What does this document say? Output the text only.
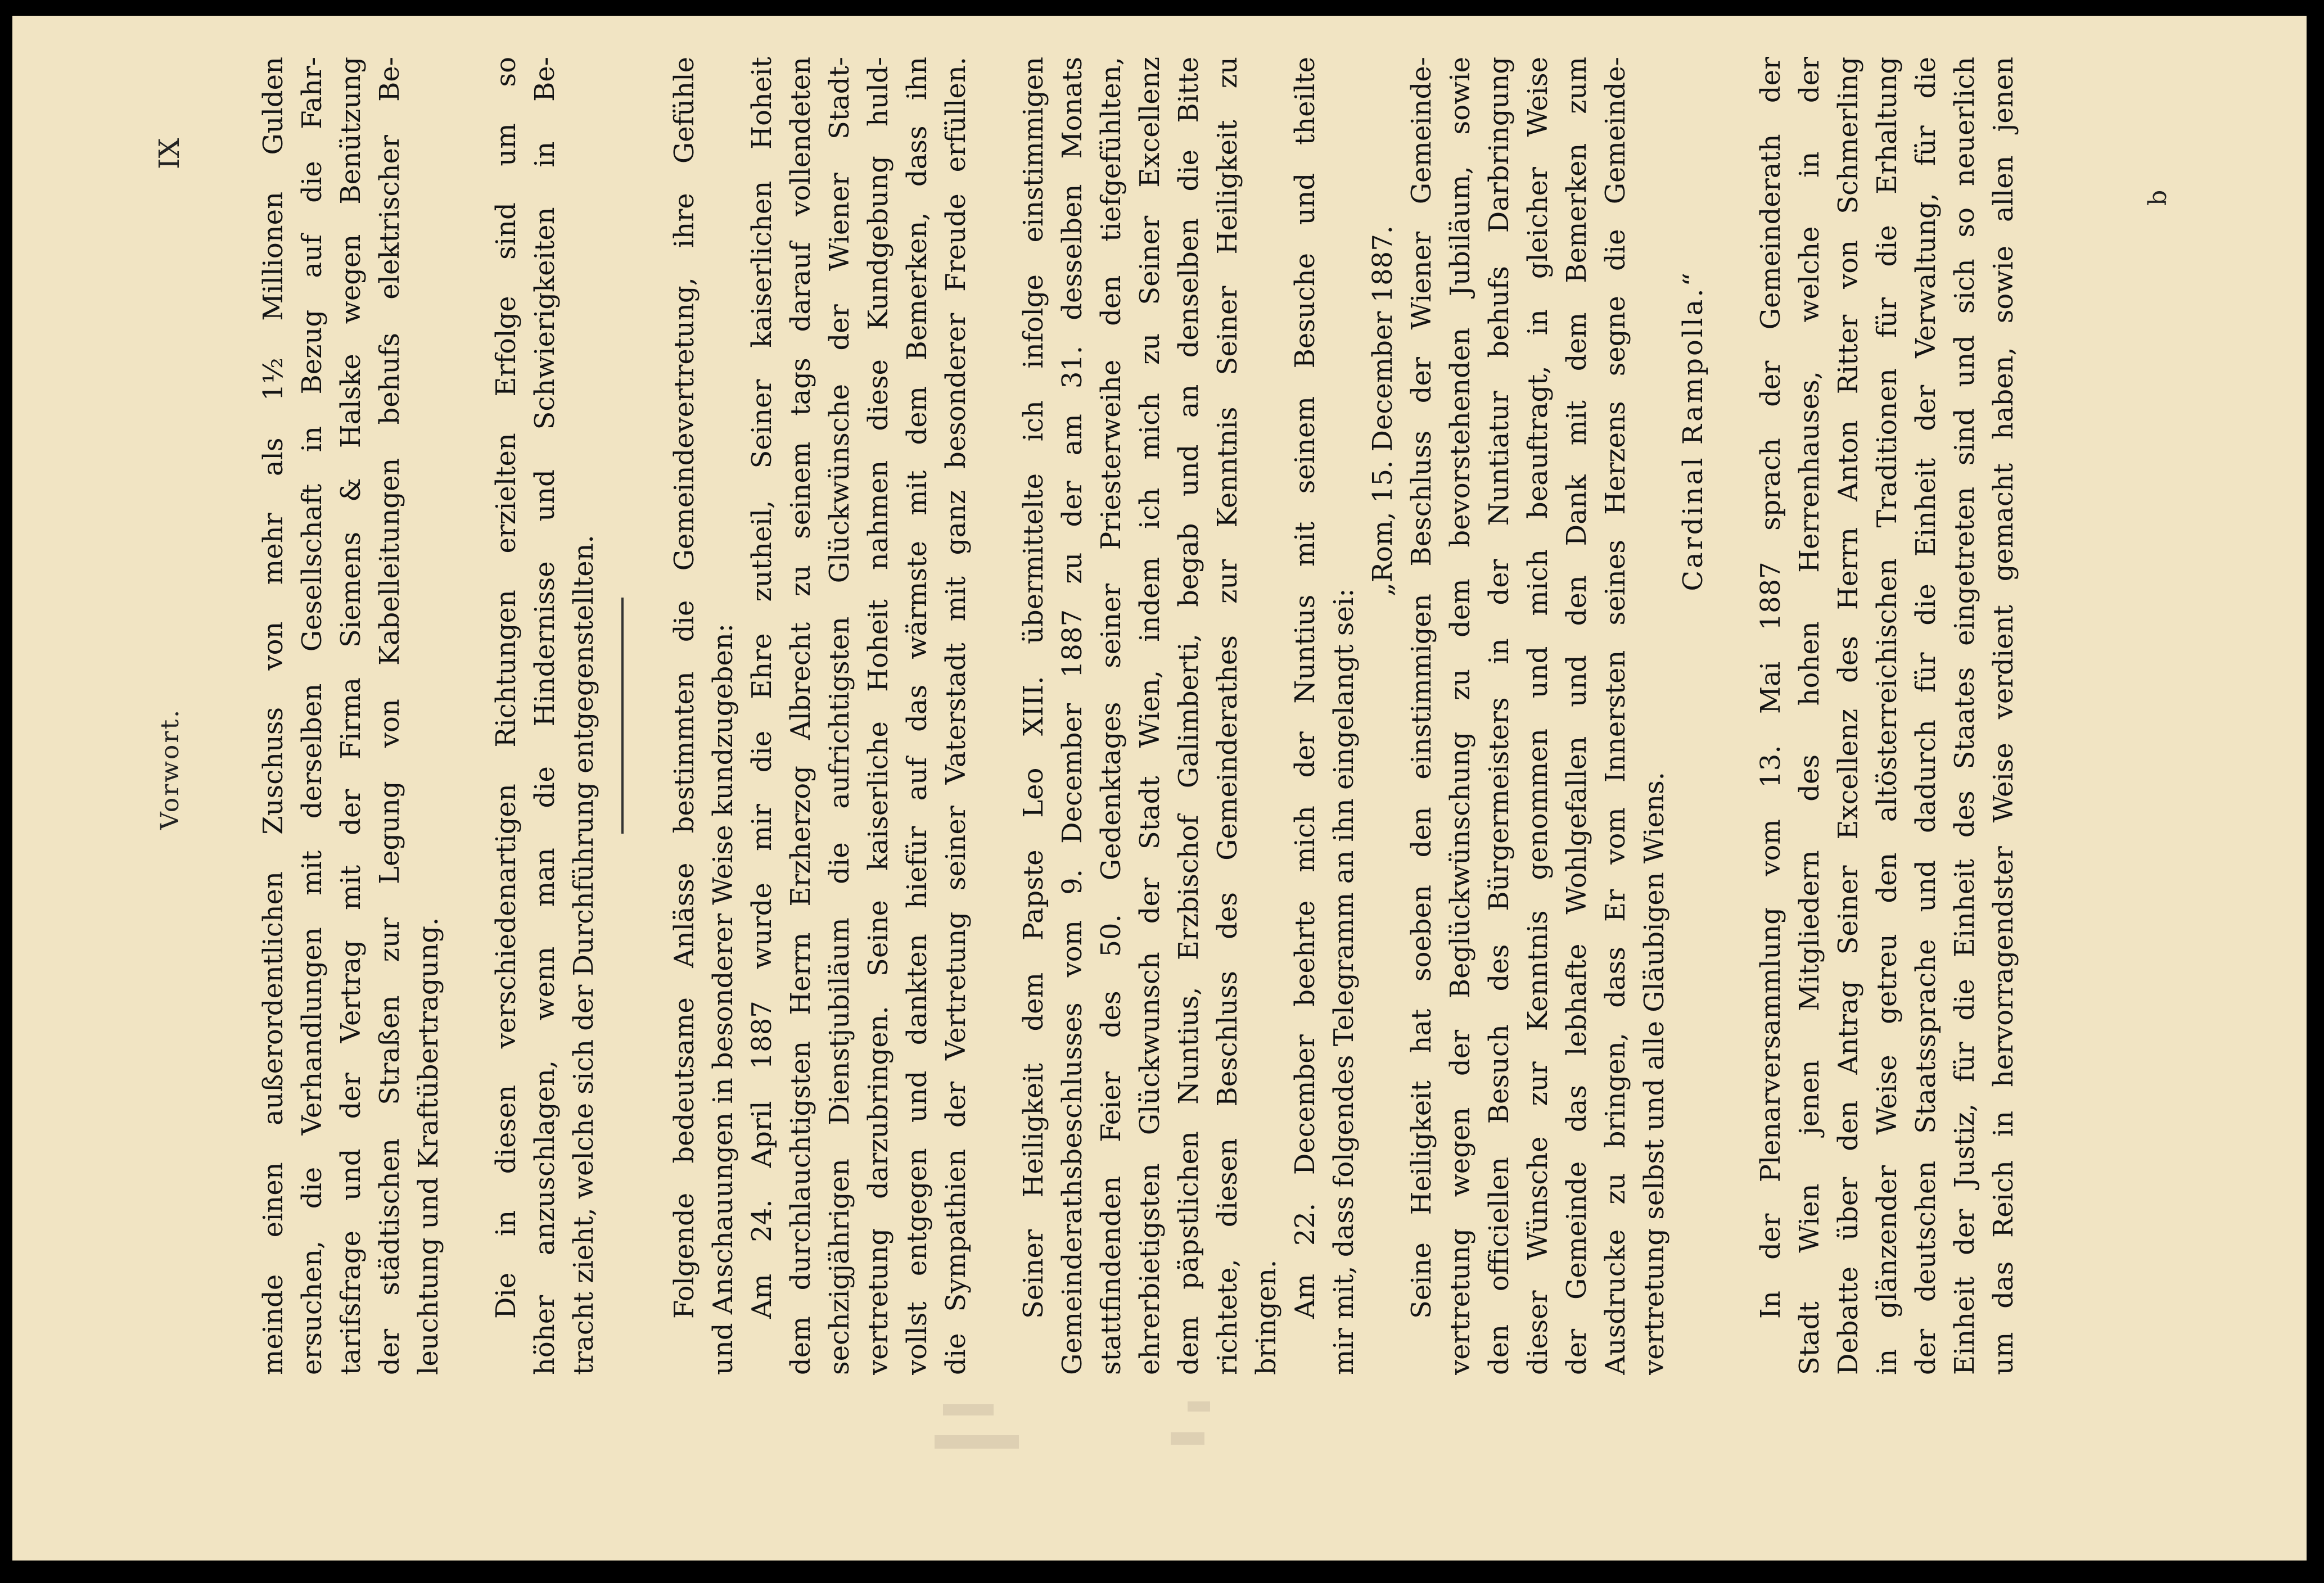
Vorwort.
IX	meinde einen außerordentlichen Zuschuss von mehr als 1½ Millionen Gulden ersuchen, die Verhandlungen mit derselben Gesellschaft in Bezug auf die Fahr- tarifsfrage und der Vertrag mit der Firma Siemens & Halske wegen Benützung der städtischen Straßen zur Legung von Kabelleitungen behufs elektrischer Be- leuchtung und Kraftübertragung. Die in diesen verschiedenartigen Richtungen erzielten Erfolge sind um so höher anzuschlagen, wenn man die Hindernisse und Schwierigkeiten in Be- tracht zieht, welche sich der Durchführung entgegenstellten.	Folgende bedeutsame Anlässe bestimmten die Gemeindevertretung, ihre Gefühle und Anschauungen in besonderer Weise kundzugeben: Am 24. April 1887 wurde mir die Ehre zutheil, Seiner kaiserlichen Hoheit dem durchlauchtigsten Herrn Erzherzog Albrecht zu seinem tags darauf vollendeten sechzigjährigen Dienstjubiläum die aufrichtigsten Glückwünsche der Wiener Stadt- vertretung darzubringen. Seine kaiserliche Hoheit nahmen diese Kundgebung huld- vollst entgegen und dankten hiefür auf das wärmste mit dem Bemerken, dass ihn die Sympathien der Vertretung seiner Vaterstadt mit ganz besonderer Freude erfüllen. Seiner Heiligkeit dem Papste Leo XIII. übermittelte ich infolge einstimmigen Gemeinderathsbeschlusses vom 9. December 1887 zu der am 31. desselben Monats stattfindenden Feier des 50. Gedenktages seiner Priesterweihe den tiefgefühlten, ehrerbietigsten Glückwunsch der Stadt Wien, indem ich mich zu Seiner Excellenz dem päpstlichen Nuntius, Erzbischof Galimberti, begab und an denselben die Bitte richtete, diesen Beschluss des Gemeinderathes zur Kenntnis Seiner Heiligkeit zu bringen. Am 22. December beehrte mich der Nuntius mit seinem Besuche und theilte mir mit, dass folgendes Telegramm an ihn eingelangt sei:
„Rom, 15. December 1887. Seine Heiligkeit hat soeben den einstimmigen Beschluss der Wiener Gemeinde- vertretung wegen der Beglückwünschung zu dem bevorstehenden Jubiläum, sowie den officiellen Besuch des Bürgermeisters in der Nuntiatur behufs Darbringung dieser Wünsche zur Kenntnis genommen und mich beauftragt, in gleicher Weise der Gemeinde das lebhafte Wohlgefallen und den Dank mit dem Bemerken zum Ausdrucke zu bringen, dass Er vom Innersten seines Herzens segne die Gemeinde- vertretung selbst und alle Gläubigen Wiens.
Cardinal Rampolla.“ In der Plenarversammlung vom 13. Mai 1887 sprach der Gemeinderath der Stadt Wien jenen Mitgliedern des hohen Herrenhauses, welche in der Debatte über den Antrag Seiner Excellenz des Herrn Anton Ritter von Schmerling in glänzender Weise getreu den altösterreichischen Traditionen für die Erhaltung der deutschen Staatssprache und dadurch für die Einheit der Verwaltung, für die Einheit der Justiz, für die Einheit des Staates eingetreten sind und sich so neuerlich um das Reich in hervorragendster Weise verdient gemacht haben, sowie allen jenen	b
